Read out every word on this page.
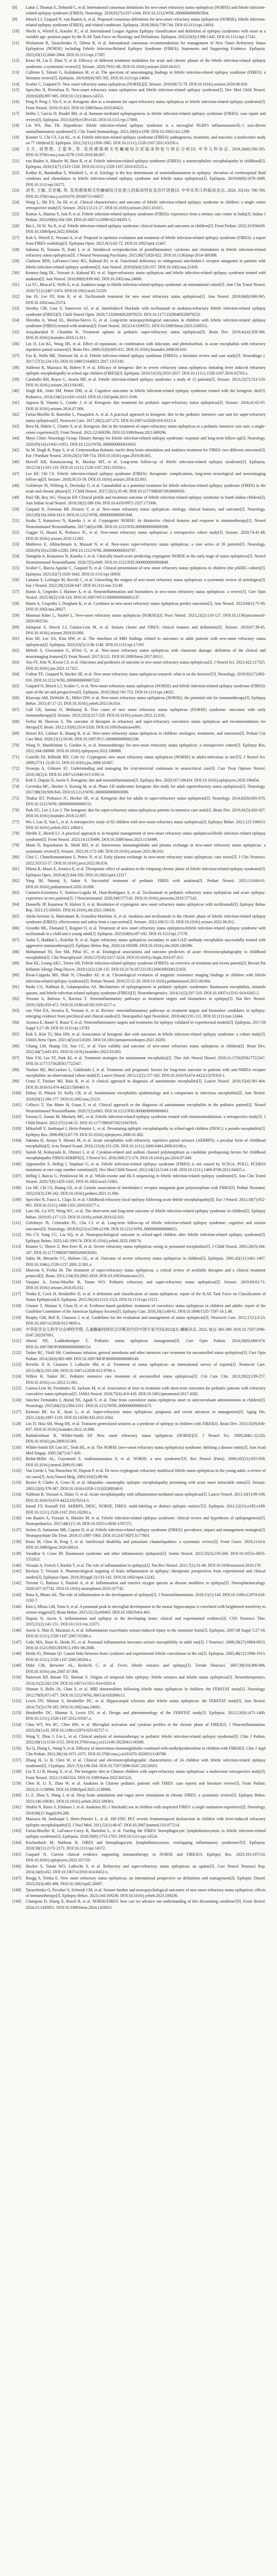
[8]	Lahat J, Thomas E, Dehnold C, et al. International consensus definitions for new-onset refractory status epilepticus (NORSE) and febrile infection-related epilepsy syndrome (FIRES). Neurology. 2018;91(7):e337-e344. DOI:10.1212/WNL.0000000000005904.
[9]	Hirsch LJ, Gaspard N, van Baalen A, et al. Proposed consensus definitions for new-onset refractory status epilepticus (NORSE), febrile infection-related epilepsy syndrome (FIRES), and related conditions. Epilepsia. 2018;59(4):739-744. DOI:10.1111/epi.14016.
[10]	Nitchi A, Wirrell E, Kaesler JC, et al. International League Against Epilepsy classification and definition of epilepsy syndromes with onset at a variable age: position paper by the ILAE Task Force on Nosology and Definitions. Epilepsia. 2022;63(6):1398-1442. DOI:10.1111/epi.17241.
[11]	Wickstrom R, Taraschenko O, Dilena R, et al. International consensus recommendations for management of New Onset Refractory Status Epilepticus (NORSE) including Febrile Infection-Related Epilepsy Syndrome (FIRES): Statements and Supporting Evidence. Epilepsia. 2022;63(11):2840-2864. DOI:10.1111/epi.17397.
[12]	Kessi M, Liu F, Zhan Y, et al. Efficacy of different treatment modalities for acute and chronic phases of the febrile infection-related epilepsy syndrome: a systematic review[J]. Seizure. 2020;79:61-68. DOI:10.1016/j.seizure.2020.04.015.
[13]	Culleton S, Talenti G, Kaliakatsos M, et al. The spectrum of neuroimaging findings in febrile infection-related epilepsy syndrome (FIRES): a literature review[J]. Epilepsia. 2019;60(4):585-592. DOI:10.1111/epi.14684.
[14]	Sculier C, Gaspard N. New onset refractory status epilepticus (NORSE)[J]. Seizure. 2019;68:72-78. DOI:10.1016/j.seizure.2018.09.018.
[15]	Specchio N, Pietrafusa N. New-onset refractory status epilepticus and febrile infection-related epilepsy syndrome[J]. Dev Med Child Neurol. 2020;62(8):897-905. DOI:10.1111/dmcn.14553.
[16]	Peng P, Peng J, Yin F, et al. Ketogenic diet as a treatment for super-refractory status epilepticus in febrile infection-related epilepsy syndrome[J]. Front Neurol. 2019;10:423. DOI:10.3389/fneur.2019.00423.
[17]	Hollis J, Garcia D, Poudel BH, et al. Immune-mediated epileptogenesis in febrile infection-related epilepsy syndrome (FIRES): case report and review[J]. Epilepsia. 2021;62(9):e139-e145. DOI:10.1111/epi.17008.
[18]	Lin WS, Hsu TR. Hypothesis: febrile infection-related epilepsy syndrome is a microglial NLRP3 inflammasome/IL-1 axis-driven autoinflammatory syndrome[J]. Clin Transl Immunology. 2021;10(6):e1299. DOI:10.1002/cti2.1299.
[19]	Kramer U, Chi CS, Lin KL, et al. Febrile infection-related epilepsy syndrome (FIRES): pathogenesis, treatment, and outcome: a multicenter study on 77 children[J]. Epilepsia. 2011;52(11):1956-1965. DOI:10.1111/j.1528-1167.2011.03250.x.
[20]	方方, 刘智胜, 王爱华, 等. 发热感染相关性癫痫综合征临床特征与预后分析[J]. 中华儿科杂志, 2018,56(8):590-595. DOI:10.3760/cma.j.issn.0578-1310.2018.08.007.
[21]	van Baalen A, Häusler M, Boor R, et al. Febrile infection-related epilepsy syndrome (FIRES): a nonencephalitic encephalopathy in childhood[J]. Epilepsia. 2010;51(7):1323-1328. DOI:10.1111/j.1528-1167.2010.02535.x.
[22]	Kothur K, Bandodkar S, Wienholt L, et al. Etiology is the key determinant of neuroinflammation in epilepsy: elevation of cerebrospinal fluid cytokines and chemokines in febrile infection-related epilepsy syndrome and febrile status epilepticus[J]. Epilepsia. 2019;60(8):1678-1688. DOI:10.1111/epi.16275.
[23]	刘雪, 王敏, 宗亚楠, 等. 发热感染相关性癫痫综合征患儿的临床特征及治疗进展[J]. 中华实用儿科临床杂志, 2020, 35(10): 786-789. DOI:10.3760/cma.j.cn101070-20190715-00657.
[24]	Wang L, Shi XY, Jia JH, et al. Clinical characteristics and outcome of febrile infection-related epilepsy syndrome in children: a single center retrospective study[J]. Seizure. 2023;113:21-27. DOI:10.1016/j.seizure.2023.10.015.
[25]	Kumar A, Sharma S, Jain P, et al. Febrile infection-related epilepsy syndrome (FIRES): experience from a tertiary care center in India[J]. Indian J Pediatr. 2023;90(6):564-569. DOI:10.1007/s12098-022-04291-5.
[26]	Bai L, Di W, Xu X, et al. Febrile infection-related epilepsy syndrome: clinical features and outcomes in children[J]. Front Pediatr. 2022;10:936426. DOI:10.3389/fped.2022.936426.
[27]	Koh S, Wirrell E, Vezzani A, et al. Proposal to optimize evaluation and treatment of febrile infection-related epilepsy syndrome (FIRES): a report from FIRES workshop[J]. Epilepsia Open. 2021;6(1):62-72. DOI:10.1002/epi4.12447.
[28]	Sakuma H, Tanuma N, Kuki I, et al. Intrathecal overproduction of proinflammatory cytokines and chemokines in febrile infection-related refractory status epilepticus[J]. J Neurol Neurosurg Psychiatry. 2015;86(7):820-822. DOI:10.1136/jnnp-2014-309388.
[29]	Clarkson BDS, LaFrance-Corey RG, Kahoud RJ, et al. Functional deficiency in endogenous interleukin-1 receptor antagonist in patients with febrile infection-related epilepsy syndrome[J]. Ann Neurol. 2019;85(4):526-537. DOI:10.1002/ana.25439.
[30]	Kenney-Jung DL, Vezzani A, Kahoud RJ, et al. Super-refractory status epilepticus and febrile infection-related epilepsy syndrome treated with anakinra[J]. Ann Neurol. 2016;80(6):939-945. DOI:10.1002/ana.24806.
[31]	Lai YC, Muscal E, Wells E, et al. Anakinra usage in febrile infection related epilepsy syndrome: an international cohort[J]. Ann Clin Transl Neurol. 2020;7(12):2467-2474. DOI:10.1002/acn3.51229.
[32]	Jun JS, Lee ST, Kim R, et al. Tocilizumab treatment for new onset refractory status epilepticus[J]. Ann Neurol. 2018;84(6):940-945. DOI:10.1002/ana.25374.
[33]	Stredny CM, Case S, Sansevere AJ, et al. Interleukin-6 blockade with tocilizumab in anakinra-refractory febrile infection-related epilepsy syndrome (FIRES)[J]. Child Neurol Open. 2020;7:2329048X20979253. DOI:10.1177/2329048X20979253.
[34]	Shrestha A, Wood EL, Berrios-Siervo G, et al. Long-term neuropsychological outcomes in children with febrile infection-related epilepsy syndrome (FIRES) treated with anakinra[J]. Front Neurol. 2023;14:1100551. DOI:10.3389/fneur.2023.1100551.
[35]	Arayakarnkul P, Chomtho K. Treatment options in pediatric super-refractory status epilepticus[J]. Brain Dev. 2019;41(4):359-366. DOI:10.1016/j.braindev.2018.11.011.
[36]	Lin JJ, Lin KL, Wang HS, et al. Effect of topiramate, in combination with lidocaine, and phenobarbital, in acute encephalitis with refractory repetitive partial seizures[J]. Brain Dev. 2009;31(8):605-611. DOI:10.1016/j.braindev.2008.09.010.
[37]	Fox K, Wells ME, Tennison M, et al. Febrile infection-related epilepsy syndrome (FIRES): a literature review and case study[J]. Neurodiagn J. 2017;57(3):224-233. DOI:10.1080/21646821.2017.1355181.
[38]	Nabbout R, Mazzuca M, Hubert P, et al. Efficacy of ketogenic diet in severe refractory status epilepticus initiating fever induced refractory epileptic encephalopathy in school age children (FIRES)[J]. Epilepsia. 2010;51(10):2033-2037. DOI:10.1111/j.1528-1167.2010.02703.x.
[39]	Caraballo RH, Reyes G, Avaria MF, et al. Febrile infection-related epilepsy syndrome: a study of 12 patients[J]. Seizure. 2013;22(7):553-559. DOI:10.1016/j.seizure.2013.04.005.
[40]	Singh RK, Joshi SM, Potter DM, et al. Cognitive outcomes in febrile infection-related epilepsy syndrome treated with the ketogenic diet[J]. Pediatrics. 2014;134(5):e1431-e1435. DOI:10.1542/peds.2013-3106.
[41]	Appavu B, Vanatta L, Condie J, et al. Ketogenic diet treatment for pediatric super-refractory status epilepticus[J]. Seizure. 2016;41:62-65. DOI:10.1016/j.seizure.2016.07.006.
[42]	Farias-Moeller R, Bartolini L, Pasupuleti A, et al. A practical approach to ketogenic diet in the pediatric intensive care unit for super-refractory status epilepticus[J]. Neurocrit Care. 2017;26(2):267-272. DOI:10.1007/s12028-016-0312-4.
[43]	Breu M, Häfele C, Glatter S, et al. Ketogenic diet in the treatment of super-refractory status epilepticus at a pediatric intensive care unit: a single-center experience[J]. Front Neurol. 2021;12:669296. DOI:10.3389/fneur.2021.669296.
[44]	Mayo Clinic Neurology Group. Dietary therapy for febrile infection-related epilepsy syndrome: response and long-term follow-up[J]. Neurology. 2020;95(14):e1942-e1951. DOI:10.1212/WNL.0000000000010433.
[45]	Sa M, Singh R, Pujar S, et al. Centromedian thalamic nuclei deep brain stimulation and anakinra treatment for FIRES: two different outcomes[J]. Eur J Paediatr Neurol. 2019;23(5):749-754. DOI:10.1016/j.ejpn.2019.08.001.
[46]	Howell KB, Katanyuwong K, Mackay MT, et al. Long-term follow-up of febrile infection-related epilepsy syndrome[J]. Epilepsia. 2012;53(1):101-110. DOI:10.1111/j.1528-1167.2011.03350.x.
[47]	Lee HF, Chi CS. Febrile infection-related epilepsy syndrome (FIRES): therapeutic complications, long-term neurological and neuroimaging follow-up[J]. Seizure. 2018;56:53-59. DOI:10.1016/j.seizure.2018.02.003.
[48]	Gofshteyn JS, Wilfong A, Devinsky O, et al. Cannabidiol as a potential treatment for febrile infection-related epilepsy syndrome (FIRES) in the acute and chronic phases[J]. J Child Neurol. 2017;32(1):35-40. DOI:10.1177/0883073816669450.
[49]	Patil SB, Roy AG, Vinayan KP. Clinical profile and treatment outcome of febrile infection-related epilepsy syndrome in South Indian children[J]. Ann Indian Acad Neurol. 2016;19(2):188-194. DOI:10.4103/0972-2327.173306.
[50]	Gaspard N, Foreman BP, Alvarez V, et al. New-onset refractory status epilepticus: etiology, clinical features, and outcome[J]. Neurology. 2015;85(18):1604-1613. DOI:10.1212/WNL.0000000000001940.
[51]	Iizuka T, Kanazawa N, Kaneko J, et al. Cryptogenic NORSE: its distinctive clinical features and response to immunotherapy[J]. Neurol Neuroimmunol Neuroinflamm. 2017;4(6):e396. DOI:10.1212/NXI.0000000000000396.
[52]	Gugger JJ, Husari K, Probasco JC, et al. New-onset refractory status epilepticus: a retrospective cohort study[J]. Seizure. 2020;74:41-48. DOI:10.1016/j.seizure.2019.12.002.
[53]	Matthews E, Alkhachroum A, Massad N, et al. New-onset super-refractory status epilepticus: a case series of 26 patients[J]. Neurology. 2020;95(16):e2280-e2285. DOI:10.1212/WNL.0000000000010787.
[54]	Yanagida A, Kanazawa N, Kaneko J, et al. Clinically based score predicting cryptogenic NORSE at the early stage of status epilepticus[J]. Neurol Neuroimmunol Neuroinflamm. 2020;7(5):e849. DOI:10.1212/NXI.0000000000000849.
[55]	Sculier C, Barcia Aguilar C, Gaspard N, et al. Clinical presentation of new onset refractory status epilepticus in children (the pSERG cohort)[J]. Epilepsia. 2021;62(7):1629-1642. DOI:10.1111/epi.16950.
[56]	Lattanzi S, Leitinger M, Rocchi C, et al. Unraveling the enigma of new-onset refractory status epilepticus: a systematic review of aetiologies[J]. Eur J Neurol. 2022;29(2):626-647. DOI:10.1111/ene.15149.
[57]	Hanin A, Cespedes J, Huttner A, et al. Neuroinflammation and biomarkers in new-onset refractory status epilepticus: a review[J]. Curr Opin Neurol. 2023;36(2):118-124. DOI:10.1097/WCO.0000000000001137.
[58]	Hanin A, Cespedes J, Dorgham K, et al. Cytokines in new-onset refractory status epilepticus predict outcomes[J]. Ann Neurol. 2023;94(1):75-90. DOI:10.1002/ana.26627.
[59]	Mantoan Ritter L, Nashef L. New-onset refractory status epilepticus (NORSE)[J]. Pract Neurol. 2021;21(2):119-127. DOI:10.1136/practneurol-2020-002534.
[60]	Jafarpour S, Hirsch LJ, Gaínza-Lein M, et al. Seizure cluster and FIRES: clinical features and definitions[J]. Seizure. 2019;67:39-45. DOI:10.1016/j.seizure.2019.03.006.
[61]	Kim HJ, Lee SA, Kim HW, et al. The timelines of MRI findings related to outcomes in adult patients with new-onset refractory status epilepticus[J]. Epilepsia. 2022;63(5):1138-1148. DOI:10.1111/epi.17193.
[62]	Meletti S, Giovannini G, d'Orsi G, et al. New-onset refractory status epilepticus with claustrum damage: definition of the clinical and neuroimaging features[J]. Front Neurol. 2017;8:111. DOI:10.3389/fneur.2017.00111.
[63]	Yoo JY, Jette N, Kwon CS, et al. Outcomes and predictors of outcome in new-onset refractory status epilepticus[J]. J Neurol Sci. 2021;422:117325. DOI:10.1016/j.jns.2021.117325.
[64]	Gofton TE, Gaspard N, Hocker SE, et al. New onset refractory status epilepticus research: what is on the horizon?[J]. Neurology. 2019;92(17):802-810. DOI:10.1212/WNL.0000000000007322.
[65]	Gaspard N, Hirsch LJ, Sculier C, et al. New-onset refractory status epilepticus (NORSE) and febrile infection-related epilepsy syndrome (FIRES): state of the art and perspectives[J]. Epilepsia. 2018;59(4):745-752. DOI:10.1111/epi.14022.
[66]	Khawaja AM, DeWolfe JL, Miller DW, et al. New-onset refractory status epilepticus (NORSE): the potential role for immunotherapy[J]. Epilepsy Behav. 2015;47:17-23. DOI:10.1016/j.yebeh.2015.04.054.
[67]	Gall CR, Jumma O, Mohanraj R. Five cases of new onset refractory status epilepticus (NORSE) syndrome: outcomes with early immunotherapy[J]. Seizure. 2013;22(3):217-220. DOI:10.1016/j.seizure.2012.12.016.
[68]	Ferlisi M, Shorvon S. The outcome of therapies in refractory and super-refractory convulsive status epilepticus and recommendations for therapy[J]. Brain. 2012;135(8):2314-2328. DOI:10.1093/brain/aws091.
[69]	Husari KS, Labiner K, Huang R, et al. New-onset refractory status epilepticus in children: etiologies, treatments, and outcomes[J]. Pediatr Crit Care Med. 2020;21(1):59-66. DOI:10.1097/PCC.0000000000002108.
[70]	Wong N, Mandelstam S, Gordon A, et al. Immunotherapy for new-onset refractory status epilepticus: a retrospective cohort[J]. Epilepsy Res. 2022;184:106968. DOI:10.1016/j.eplepsyres.2022.106968.
[71]	Costello DJ, Kilbride RD, Cole AJ. Cryptogenic new onset refractory status epilepticus (NORSE) in adults-infectious or not?[J]. J Neurol Sci. 2009;277(1-2):26-31. DOI:10.1016/j.jns.2008.10.007.
[72]	Sivaraju A, Gilmore EJ. Understanding and managing the ictal-interictal continuum in neurocritical care[J]. Curr Treat Options Neurol. 2016;18(2):8. DOI:10.1007/s11940-015-0391-0.
[73]	Koh S, Dupuis N, Auvin S. Ketogenic diet and neuroinflammation[J]. Epilepsy Res. 2020;167:106454. DOI:10.1016/j.eplepsyres.2020.106454.
[74]	Cervenka MC, Hocker S, Koenig M, et al. Phase I/II multicenter ketogenic diet study for adult superrefractory status epilepticus[J]. Neurology. 2017;88(10):938-943. DOI:10.1212/WNL.0000000000003690.
[75]	Thakur KT, Probasco JC, Hocker SE, et al. Ketogenic diet for adults in super-refractory status epilepticus[J]. Neurology. 2014;82(8):665-670. DOI:10.1212/WNL.0000000000000151.
[76]	Park EG, Lee J, Lee J. The ketogenic diet for super-refractory status epilepticus patients in intensive care units[J]. Brain Dev. 2019;41(5):420-427. DOI:10.1016/j.braindev.2018.12.007.
[77]	Wu J, Lan X, Yan L, et al. A retrospective study of 92 children with new-onset refractory status epilepticus[J]. Epilepsy Behav. 2021;125:108413. DOI:10.1016/j.yebeh.2021.108413.
[78]	Sheikh Z, Hirsch LJ. A practical approach to in-hospital management of new-onset refractory status epilepticus/febrile infection related epilepsy syndrome[J]. Front Neurol. 2023;14:1150496. DOI:10.3389/fneur.2023.1150496.
[79]	Mann D, Rajasekaran K, Sheth RD, et al. Intravenous immunoglobulin and plasma exchange in new-onset refractory status epilepticus: a systematic review[J]. Seizure. 2021;91:172-180. DOI:10.1016/j.seizure.2021.06.010.
[80]	Choi C, Chatzikonstantinou S, Peters N, et al. Early plasma exchange in new-onset refractory status epilepticus: case series[J]. J Clin Neurosci. 2022;103:52-57. DOI:10.1016/j.jocn.2022.06.024.
[81]	Dilena R, Mauri E, Aronica E, et al. Therapeutic effect of anakinra in the relapsing chronic phase of febrile infection-related epilepsy syndrome[J]. Epilepsia Open. 2019;4(2):344-350. DOI:10.1002/epi4.12317.
[82]	Yang JH, Nataraj S, Sattar S. Successful treatment of pediatric FIRES with anakinra[J]. Pediatr Neurol. 2021;114:60-61. DOI:10.1016/j.pediatrneurol.2020.10.009.
[83]	Cantarín-Extremera V, Jiménez-Legido M, Duat-Rodríguez A, et al. Tocilizumab in pediatric refractory status epilepticus and acute epilepsy: experience in two patients[J]. J Neuroimmunol. 2020;340:577142. DOI:10.1016/j.jneuroim.2019.577142.
[84]	Donnelly JP, Kasatwar N, Hafeez S, et al. Resolution of cryptogenic new onset refractory status epilepticus with tocilizumab[J]. Epilepsy Behav Rep. 2021;15:100431. DOI:10.1016/j.ebr.2021.100431.
[85]	Aledo-Serrano A, Hariramani B, González-Martínez A, et al. Anakinra and tocilizumab in the chronic phase of febrile infection-related epilepsy syndrome (FIRES): effectiveness and safety from a case-series[J]. Seizure. 2022;100:51-55. DOI:10.1016/j.seizure.2022.06.012.
[86]	Girardin ML, Flamand T, Roignot O, et al. Treatment of new onset refractory status epilepticus/febrile infection-related epilepsy syndrome with tocilizumab in a child and a young adult[J]. Epilepsia. 2023;64(6):e87-e92. DOI:10.1111/epi.17578.
[87]	Jaafar F, Haddad L, Koleilat N, et al. Super refractory status epilepticus secondary to anti-GAD antibody encephalitis successfully treated with aggressive immunotherapy[J]. Epilepsy Behav Rep. 2020;14:100396. DOI:10.1016/j.ebr.2020.100396.
[88]	Mohammad SS, Soe SM, Pillai SC, et al. Etiological associations and outcome predictors of acute electroencephalography in childhood encephalitis[J]. Clin Neurophysiol. 2016;127(10):3217-3224. DOI:10.1016/j.clinph.2016.07.013.
[89]	Hon KL, Leung AKC, Torres AR. Febrile infection-related epilepsy syndrome (FIRES): an overview of treatment and recent patents[J]. Recent Pat Inflamm Allergy Drug Discov. 2018;12(2):128-135. DOI:10.2174/1872213X12666180508122450.
[90]	Rivas-Coppola MS, Shah N, Choudhri AF, et al. Chronological evolution of magnetic resonance imaging findings in children with febrile infection-related epilepsy syndrome[J]. Pediatr Neurol. 2016;55:22-29. DOI:10.1016/j.pediatrneurol.2015.09.004.
[91]	Pardo CA, Nabbout R, Galanopoulou AS. Mechanisms of epileptogenesis in pediatric epileptic syndromes: Rasmussen encephalitis, infantile spasms, and febrile infection-related epilepsy syndrome (FIRES)[J]. Neurotherapeutics. 2014;11(2):297-310. DOI:10.1007/s13311-014-0265-2.
[92]	Vezzani A, Balosso S, Ravizza T. Neuroinflammatory pathways as treatment targets and biomarkers in epilepsy[J]. Nat Rev Neurol. 2019;15(8):459-472. DOI:10.1038/s41582-019-0217-x.
[93]	van Vliet EA, Aronica E, Vezzani A, et al. Review: neuroinflammatory pathways as treatment targets and biomarker candidates in epilepsy: emerging evidence from preclinical and clinical studies[J]. Neuropathol Appl Neurobiol. 2018;44(1):91-111. DOI:10.1111/nan.12444.
[94]	Aronica E, Bauer S, Bozzi Y, et al. Neuroinflammatory targets and treatments for epilepsy validated in experimental models[J]. Epilepsia. 2017;58 Suppl 3:27-38. DOI:10.1111/epi.13783.
[95]	Koh S, Kim TJ, Shin HW, et al. Association of ketogenic diet with outcomes in febrile infection-related epilepsy syndrome: a cohort study[J]. JAMA Netw Open. 2021;4(5):e2110281. DOI:10.1001/jamanetworkopen.2021.10281.
[96]	Chiang LM, Huang GS, Sun CC, et al. Face validity and outcome of new-onset refractory status epilepticus in children[J]. Brain Dev. 2022;44(7):443-451. DOI:10.1016/j.braindev.2022.03.003.
[97]	Shin YW, Lee ST, Park KI, et al. Treatment strategies for autoimmune encephalitis[J]. Ther Adv Neurol Disord. 2018;11:1756285617722347. DOI:10.1177/1756285617722347.
[98]	Titulaer MJ, McCracken L, Gabilondo I, et al. Treatment and prognostic factors for long-term outcome in patients with anti-NMDA receptor encephalitis: an observational cohort study[J]. Lancet Neurol. 2013;12(2):157-165. DOI:10.1016/S1474-4422(12)70310-1.
[99]	Graus F, Titulaer MJ, Balu R, et al. A clinical approach to diagnosis of autoimmune encephalitis[J]. Lancet Neurol. 2016;15(4):391-404. DOI:10.1016/S1474-4422(15)00401-9.
[100]	Dubey D, Pittock SJ, Kelly CR, et al. Autoimmune encephalitis epidemiology and a comparison to infectious encephalitis[J]. Ann Neurol. 2018;83(1):166-177. DOI:10.1002/ana.25131.
[101]	Cellucci T, Van Mater H, Graus F, et al. Clinical approach to the diagnosis of autoimmune encephalitis in the pediatric patient[J]. Neurol Neuroimmunol Neuroinflamm. 2020;7(2):e663. DOI:10.1212/NXI.0000000000000663.
[102]	Farooq O, Zunair M, Moriarty MG, et al. Febrile infection-related epilepsy syndrome treated with immunomodulation: a retrospective study[J]. J Child Neurol. 2022;37(1):44-52. DOI:10.1177/08830738211047816.
[103]	Mikaeloff Y, Jambaqué I, Hertz-Pannier L, et al. Devastating epileptic encephalopathy in school-aged children (DESC): a pseudo encephalitis[J]. Epilepsy Res. 2006;69(1):67-79. DOI:10.1016/j.eplepsyres.2006.01.002.
[104]	Sakuma H, Awaya Y, Shiomi M, et al. Acute encephalitis with refractory, repetitive partial seizures (AERRPS): a peculiar form of childhood encephalitis[J]. Acta Neurol Scand. 2010;121(4):251-256. DOI:10.1111/j.1600-0404.2009.01198.x.
[105]	Saitoh M, Kobayashi K, Ohmori I, et al. Cytokine-related and sodium channel polymorphism as candidate predisposing factors for childhood encephalopathy FIRES/AERRPS[J]. J Neurol Sci. 2016;368:272-276. DOI:10.1016/j.jns.2016.07.040.
[106]	Appenzeller S, Helbig I, Stephani U, et al. Febrile infection-related epilepsy syndrome (FIRES) is not caused by SCN1A, POLG, PCDH19 mutations or rare copy number variations[J]. Dev Med Child Neurol. 2012;54(12):1144-1148. DOI:10.1111/j.1469-8749.2012.04435.x.
[107]	Helbig I, Barcia G, Pendziwiat M, et al. Whole-exome and HLA sequencing in febrile infection-related epilepsy syndrome[J]. Ann Clin Transl Neurol. 2020;7(8):1429-1435. DOI:10.1002/acn3.51062.
[108]	Lee HF, Chi CS, Huang GS, et al. Genetic association of interleukin-1 receptor antagonist gene polymorphism with FIRES[J]. Pediatr Neonatol. 2022;63(3):236-242. DOI:10.1016/j.pedneo.2021.11.006.
[109]	Specchio N, Fusco L, Claps D, et al. Childhood refractory focal epilepsy following acute febrile encephalopathy[J]. Eur J Neurol. 2011;18(7):952-961. DOI:10.1111/j.1468-1331.2010.03277.x.
[110]	Lam SK, Lu WY, Weng WC, et al. The short-term and long-term outcome of febrile infection-related epilepsy syndrome in children[J]. Epilepsy Behav. 2019;95:117-123. DOI:10.1016/j.yebeh.2019.02.033.
[111]	Gofshteyn JS, Crittenden PL, Chu CJ, et al. Long-term follow-up of febrile infection-related epilepsy syndrome: cognitive and seizure outcomes[J]. Neurology. 2018;91(23):e2188-e2196. DOI:10.1212/WNL.0000000000006615.
[112]	Wu CY, Yang CC, Liu SQ, et al. Neuropsychological outcome in school-aged children after febrile infection-related epilepsy syndrome[J]. Epilepsy Behav. 2023;142:109174. DOI:10.1016/j.yebeh.2023.109174.
[113]	Kramer U, Shorer Z, Ben-Zeev B, et al. Severe refractory status epilepticus owing to presumed encephalitis[J]. J Child Neurol. 2005;20(3):184-187. DOI:10.1177/08830738050200030301.
[114]	Sahin M, Menache CC, Holmes GL, et al. Outcome of severe refractory status epilepticus in children[J]. Epilepsia. 2001;42(11):1461-1467. DOI:10.1046/j.1528-1157.2001.21301.x.
[115]	Shorvon S, Ferlisi M. The treatment of super-refractory status epilepticus: a critical review of available therapies and a clinical treatment protocol[J]. Brain. 2011;134(10):2802-2818. DOI:10.1093/brain/awr215.
[116]	Vasquez A, Farias-Moeller R, Tatum WO. Pediatric refractory and super-refractory status epilepticus[J]. Seizure. 2019;68:62-71. DOI:10.1016/j.seizure.2018.05.012.
[117]	Trinka E, Cock H, Hesdorffer D, et al. A definition and classification of status epilepticus: report of the ILAE Task Force on Classification of Status Epilepticus[J]. Epilepsia. 2015;56(10):1515-1523. DOI:10.1111/epi.13121.
[118]	Glauser T, Shinnar S, Gloss D, et al. Evidence-based guideline: treatment of convulsive status epilepticus in children and adults: report of the Guideline Committee of the American Epilepsy Society[J]. Epilepsy Curr. 2016;16(1):48-61. DOI:10.5698/1535-7597-16.1.48.
[119]	Brophy GM, Bell R, Claassen J, et al. Guidelines for the evaluation and management of status epilepticus[J]. Neurocrit Care. 2012;17(1):3-23. DOI:10.1007/s12028-012-9695-z.
[120]	中华医学会儿科学分会神经学组. 儿童癫痫持续状态诊断治疗的中国专家共识(2022)[J]. 癫痫杂志, 2022, 8(5): 383-389. DOI:10.7507/2096-0247.202207001.
[121]	Abend NS, Loddenkemper T. Pediatric status epilepticus management[J]. Curr Opin Pediatr. 2014;26(6):668-674. DOI:10.1097/MOP.0000000000000154.
[122]	Tasker RC, Vitali SH. Continuous infusion, general anesthesia and other intensive care treatment for uncontrolled status epilepticus[J]. Curr Opin Pediatr. 2014;26(6):682-689. DOI:10.1097/MOP.0000000000000149.
[123]	Riviello JJ Jr, Claassen J, LaRoche SM, et al. Treatment of status epilepticus: an international survey of experts[J]. Neurocrit Care. 2013;18(2):193-200. DOI:10.1007/s12028-012-9790-1.
[124]	Wilkes R, Tasker RC. Pediatric intensive care treatment of uncontrolled status epilepticus[J]. Crit Care Clin. 2013;29(2):239-257. DOI:10.1016/j.ccc.2012.11.001.
[125]	Gaínza-Lein M, Fernández IS, Jackson M, et al. Association of time to treatment with short-term outcomes for pediatric patients with refractory convulsive status epilepticus[J]. JAMA Neurol. 2018;75(4):410-418. DOI:10.1001/jamaneurol.2017.4382.
[126]	Sánchez Fernández I, Abend NS, Agadi S, et al. Time from convulsive status epilepticus onset to anticonvulsant administration in children[J]. Neurology. 2015;84(23):2304-2311. DOI:10.1212/WNL.0000000000001673.
[127]	Kirmani BF, Au K, Ayari L, et al. Super-refractory status epilepticus: prognosis and recent advances in management[J]. Aging Dis. 2021;12(4):1097-1119. DOI:10.14336/AD.2021.0302.
[128]	Lin JJ, Hsia SH, Wang HS, et al. Transient generalized seizures as a predictor of epilepsy in children with FIRES[J]. Brain Dev. 2013;35(9):830-837. DOI:10.1016/j.braindev.2012.10.008.
[129]	Rathakrishnan R, Wilder-Smith EP. New onset refractory status epilepticus (NORSE)[J]. J Neurol Sci. 2009;284(1-2):220. DOI:10.1016/j.jns.2009.05.001.
[130]	Wilder-Smith EP, Lim EC, Teoh HL, et al. The NORSE (new-onset refractory status epilepticus) syndrome: defining a disease entity[J]. Ann Acad Med Singap. 2005;34(7):417-420.
[131]	Bedat-Millet AL, Guyomard S, Andriamananjara S, et al. NORSE: a new syndrome?[J]. Rev Neurol (Paris). 2009;165(11):955-958. DOI:10.1016/j.neurol.2009.01.049.
[132]	Van Lierde I, Van Paesschen W, Dupont P, et al. De novo cryptogenic refractory multifocal febrile status epilepticus in the young adult: a review of six cases[J]. Acta Neurol Belg. 2003;103(2):88-94.
[133]	Baxter P, Clarke A, Cross H, et al. Idiopathic catastrophic epileptic encephalopathy presenting with acute onset intractable status[J]. Seizure. 2003;12(6):379-387. DOI:10.1016/s1059-1311(02)00340-0.
[134]	Nabbout R, Vezzani A, Dulac O, et al. Acute encephalopathy with inflammation-mediated status epilepticus[J]. Lancet Neurol. 2011;10(1):99-108. DOI:10.1016/S1474-4422(10)70214-3.
[135]	Ismail FY, Kossoff EH. AERRPS, DESC, NORSE, FIRES: multi-labeling or distinct epileptic entities?[J]. Epilepsia. 2011;52(11):e185-e189. DOI:10.1111/j.1528-1167.2011.03293.x.
[136]	van Baalen A, Vezzani A, Häusler M, et al. Febrile infection-related epilepsy syndrome: clinical review and hypotheses of epileptogenesis[J]. Neuropediatrics. 2017;48(1):5-18. DOI:10.1055/s-0036-1597271.
[137]	Serino D, Santarone ME, Caputo D, et al. Febrile infection-related epilepsy syndrome (FIRES): prevalence, impact and management strategies[J]. Neuropsychiatr Dis Treat. 2019;15:1897-1903. DOI:10.2147/NDT.S177803.
[138]	Kessi M, Chen B, Peng J, et al. Intellectual disability and potassium channelopathies: a systematic review[J]. Front Genet. 2020;11:614. DOI:10.3389/fgene.2020.00614.
[139]	Varadkar S, Cross JH. Rasmussen syndrome and other inflammatory epilepsies[J]. Semin Neurol. 2015;35(3):259-268. DOI:10.1055/s-0035-1552621.
[140]	Vezzani A, French J, Bartfai T, et al. The role of inflammation in epilepsy[J]. Nat Rev Neurol. 2011;7(1):31-40. DOI:10.1038/nrneurol.2010.178.
[141]	Ravizza T, Vezzani A. Pharmacological targeting of brain inflammation in epilepsy: therapeutic perspectives from experimental and clinical studies[J]. Epilepsia Open. 2018;3(Suppl 2):133-142. DOI:10.1002/epi4.12242.
[142]	Terrone G, Balosso S, Pauletti A, et al. Inflammation and reactive oxygen species as disease modifiers in epilepsy[J]. Neuropharmacology. 2020;167:107742. DOI:10.1016/j.neuropharm.2019.107742.
[143]	Rana A, Musto AE. The role of inflammation in the development of epilepsy[J]. J Neuroinflammation. 2018;15(1):144. DOI:10.1186/s12974-018-1192-7.
[144]	Kim I, Mlsna LM, Yoon S, et al. A postnatal peak in microglial development in the mouse hippocampus is correlated with heightened sensitivity to seizure triggers[J]. Brain Behav. 2015;5(12):e00403. DOI:10.1002/brb3.403.
[145]	Dupuis N, Auvin S. Inflammation and epilepsy in the developing brain: clinical and experimental evidence[J]. CNS Neurosci Ther. 2015;21(2):141-151. DOI:10.1111/cns.12371.
[146]	Auvin S, Shin D, Mazarati A, et al. Inflammation exacerbates seizure-induced injury in the immature brain[J]. Epilepsia. 2007;48 Suppl 5:27-34. DOI:10.1111/j.1528-1167.2007.01286.x.
[147]	Galic MA, Riazi K, Heida JG, et al. Postnatal inflammation increases seizure susceptibility in adult rats[J]. J Neurosci. 2008;28(27):6904-6913. DOI:10.1523/JNEUROSCI.1901-08.2008.
[148]	Heida JG, Pittman QJ. Causal links between brain cytokines and experimental febrile convulsions in the rat[J]. Epilepsia. 2005;46(12):1906-1913. DOI:10.1111/j.1528-1167.2005.00294.x.
[149]	Dubé CM, Brewster AL, Richichi C, et al. Fever, febrile seizures and epilepsy[J]. Trends Neurosci. 2007;30(10):490-496. DOI:10.1016/j.tins.2007.07.006.
[150]	Patterson KP, Baram TZ, Shinnar S. Origins of temporal lobe epilepsy: febrile seizures and febrile status epilepticus[J]. Neurotherapeutics. 2014;11(2):242-250. DOI:10.1007/s13311-014-0263-4.
[151]	Shinnar S, Bello JA, Chan S, et al. MRI abnormalities following febrile status epilepticus in children: the FEBSTAT study[J]. Neurology. 2012;79(9):871-877. DOI:10.1212/WNL.0b013e318266fcc5.
[152]	Lewis DV, Shinnar S, Hesdorffer DC, et al. Hippocampal sclerosis after febrile status epilepticus: the FEBSTAT study[J]. Ann Neurol. 2014;75(2):178-185. DOI:10.1002/ana.24081.
[153]	Hesdorffer DC, Shinnar S, Lewis DV, et al. Design and phenomenology of the FEBSTAT study[J]. Epilepsia. 2012;53(9):1471-1480. DOI:10.1111/j.1528-1167.2012.03567.x.
[154]	Chen WT, Wu RC, Chen HW, et al. Microglial activation and cytokine profiles in the chronic phase of FIRES[J]. J Neuroinflammation. 2023;20(1):45. DOI:10.1186/s12974-023-02727-1.
[155]	Wang Y, Zhou J, Lin L, et al. Clinical analysis of immunotherapy in pediatric febrile infection-related epilepsy syndrome[J]. Chin J Pediatr. 2022;60(11):1150-1155. DOI:10.3760/cma.j.cn112140-20220411-00306.
[156]	Xu Q, Zhang L, Wang Y, et al. Efficacy of intravenous immunoglobulin combined with methylprednisolone in children with FIRES[J]. Chin J Appl Clin Pediatr. 2021;36(14):1071-1075. DOI:10.3760/cma.j.cn101070-20200513-00798.
[157]	Zhang H, Li B, Chen W, et al. Clinical and electroencephalographic characteristics of 24 children with febrile infection-related epilepsy syndrome[J]. J Epilepsy. 2021;7(3):198-204. DOI:10.7507/2096-0247.20210033.
[158]	Liu Y, Li R, Huang X, et al. The ketogenic diet in Chinese children with super-refractory status epilepticus: a multicenter retrospective study[J]. Front Neurol. 2022;13:845324. DOI:10.3389/fneur.2022.845324.
[159]	Chen H, Li X, Zhao W, et al. Anakinra in Chinese pediatric patients with FIRES: case reports and literature review[J]. Front Pediatr. 2023;11:1138906. DOI:10.3389/fped.2023.1138906.
[160]	Li Z, Zhou S, Wang J, et al. Deep brain stimulation and vagus nerve stimulation in chronic FIRES: a systematic review[J]. Epilepsy Behav. 2023;146:109361. DOI:10.1016/j.yebeh.2023.109361.
[161]	Shukla N, Risen S, Erklauer J, et al. Anakinra (IL-1 blockade) use in children with suspected FIRES: a single institution experience[J]. Neurology. 2018;90(15 Suppl):P4.266.
[162]	Mazzuca M, Jambaqué I, Hertz-Pannier L, et al. 18F-FDG PET reveals frontotemporal dysfunction in children with fever-induced refractory epileptic encephalopathy[J]. J Nucl Med. 2011;52(1):40-47. DOI:10.2967/jnumed.110.077214.
[163]	Farias-Moeller R, LaFrance-Corey R, Bartolini L, et al. Fueling the FIRES: hemophagocytic lymphohistiocytosis in febrile infection-related epilepsy syndrome[J]. Epilepsia. 2018;59(9):1753-1763. DOI:10.1111/epi.14524.
[164]	Kuchenbuch M, Nabbout R. FIRES and hemophagocytic lymphohistiocytosis: overlapping inflammatory syndromes?[J]. Epilepsia. 2018;59(11):2172-2173. DOI:10.1111/epi.14572.
[165]	Gaspard N. Current clinical evidence supporting immunotherapy in NORSE and FIRES[J]. Epilepsy Res. 2023;193:107150. DOI:10.1016/j.eplepsyres.2023.107150.
[166]	Hocker S, Tatum WO, LaRoche S, et al. Refractory and super-refractory status epilepticus: an update[J]. Curr Neurol Neurosci Rep. 2014;14(6):452. DOI:10.1007/s11910-014-0452-x.
[167]	Ruegg S, Trinka E. New onset refractory status epilepticus: an international perspective on definitions and management[J]. Epileptic Disord. 2023;25(4):482-496. DOI:10.1002/epd2.20087.
[168]	Taraschenko O, Pavuluri S, Schmidt CM, et al. Seizure burden and neuropsychological outcomes of new-onset refractory status epilepticus: effects of immunotherapy[J]. Epilepsy Behav. 2023;144:109236. DOI:10.1016/j.yebeh.2023.109236.
[169]	Champsas D, Zhang X, Rosch R, et al. NORSE/FIRES: how can we advance our understanding of this devastating condition?[J]. Front Neurol. 2024;15:1426051. DOI:10.3389/fneur.2024.1426051.
